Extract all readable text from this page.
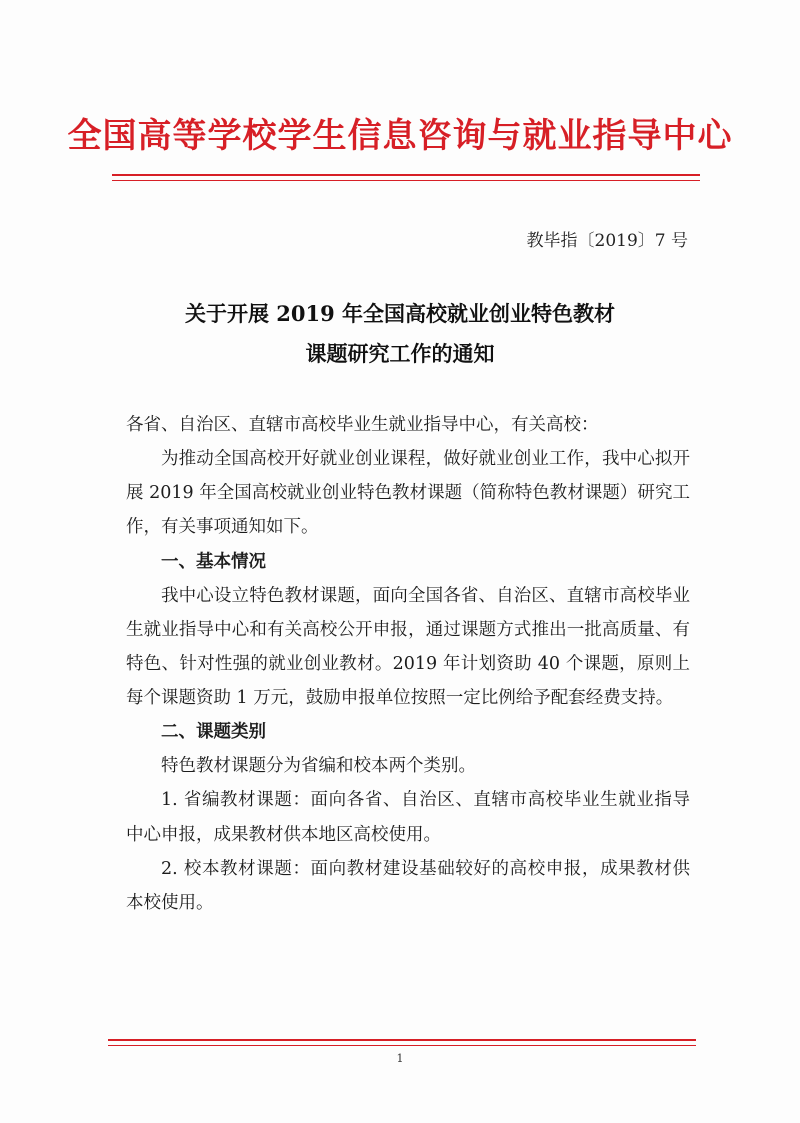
全国高等学校学生信息咨询与就业指导中心
教毕指〔2019〕7 号
关于开展 2019 年全国高校就业创业特色教材
课题研究工作的通知

各省、自治区、直辖市高校毕业生就业指导中心，有关高校：

为推动全国高校开好就业创业课程，做好就业创业工作，我中心拟开展 2019 年全国高校就业创业特色教材课题（简称特色教材课题）研究工作，有关事项通知如下。

一、基本情况

我中心设立特色教材课题，面向全国各省、自治区、直辖市高校毕业生就业指导中心和有关高校公开申报，通过课题方式推出一批高质量、有特色、针对性强的就业创业教材。2019 年计划资助 40 个课题，原则上每个课题资助 1 万元，鼓励申报单位按照一定比例给予配套经费支持。

二、课题类别

特色教材课题分为省编和校本两个类别。

1. 省编教材课题：面向各省、自治区、直辖市高校毕业生就业指导中心申报，成果教材供本地区高校使用。

2. 校本教材课题：面向教材建设基础较好的高校申报，成果教材供本校使用。

1
